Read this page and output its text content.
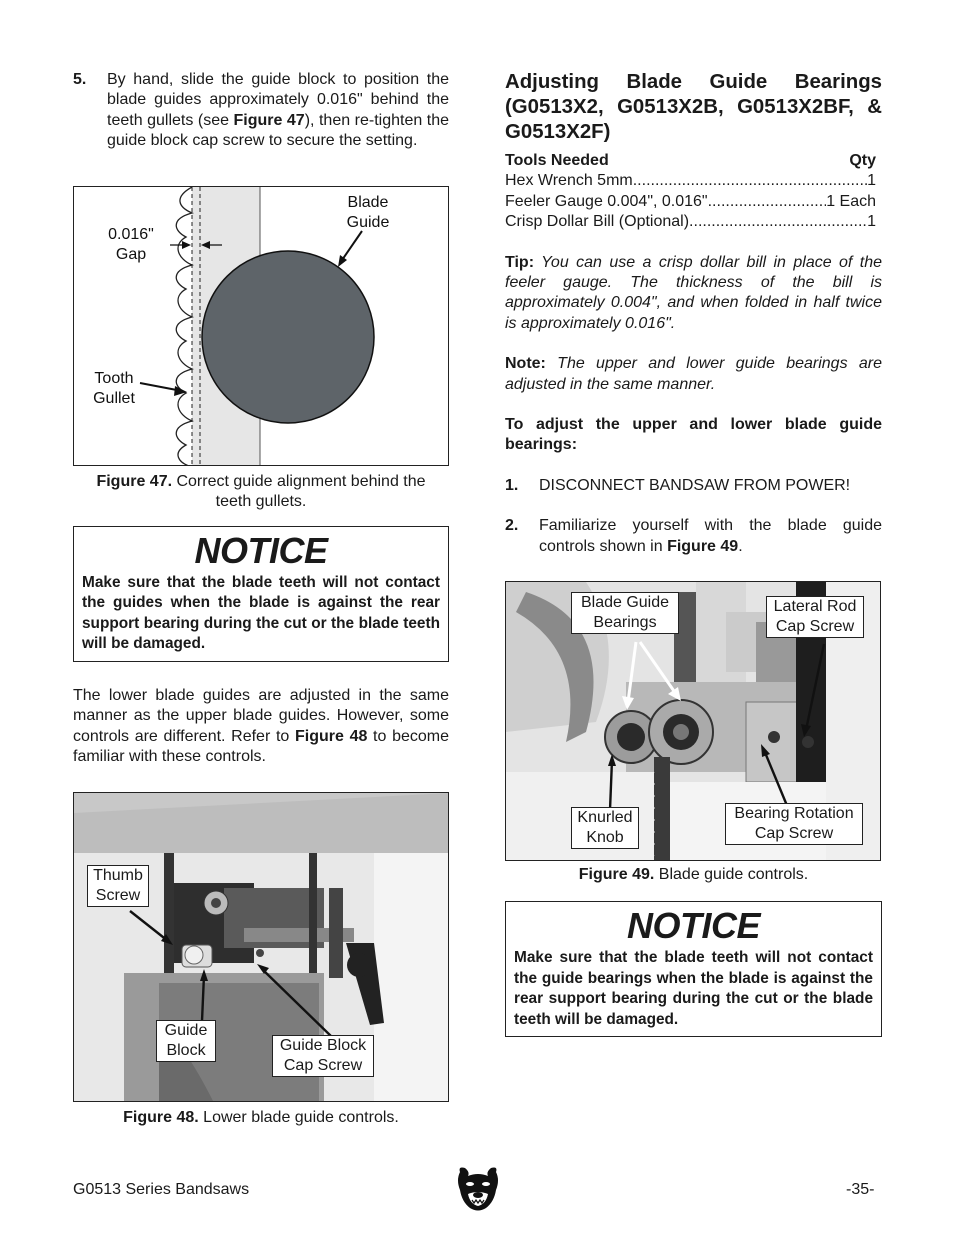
5.	By hand, slide the guide block to position the blade guides approximately 0.016" behind the teeth gullets (see Figure 47), then re-tighten the guide block cap screw to secure the setting.
0.016"
Gap
Blade
Guide
Tooth
Gullet
Figure 47. Correct guide alignment behind the teeth gullets.
NOTICE
Make sure that the blade teeth will not contact the guides when the blade is against the rear support bearing during the cut or the blade teeth will be damaged.

The lower blade guides are adjusted in the same manner as the upper blade guides. However, some controls are different. Refer to Figure 48 to become familiar with these controls.

Thumb
Screw
Guide
Block	Guide Block
Cap Screw
Figure 48. Lower blade guide controls.
Adjusting Blade Guide Bearings (G0513X2, G0513X2B, G0513X2BF, & G0513X2F)
Tools Needed	Qty
Hex Wrench 5mm .....	1
Feeler Gauge 0.004", 0.016" .....	1 Each
Crisp Dollar Bill (Optional) .....	1

Tip: You can use a crisp dollar bill in place of the feeler gauge. The thickness of the bill is approximately 0.004", and when folded in half twice is approximately 0.016".

Note: The upper and lower guide bearings are adjusted in the same manner.

To adjust the upper and lower blade guide bearings:

1.	DISCONNECT BANDSAW FROM POWER!
2.	Familiarize yourself with the blade guide controls shown in Figure 49.
Blade Guide
Bearings
Lateral Rod
Cap Screw
Knurled
Knob
Bearing Rotation
Cap Screw
Figure 49. Blade guide controls.
NOTICE
Make sure that the blade teeth will not contact the guide bearings when the blade is against the rear support bearing during the cut or the blade teeth will be damaged.
G0513 Series Bandsaws	-35-
